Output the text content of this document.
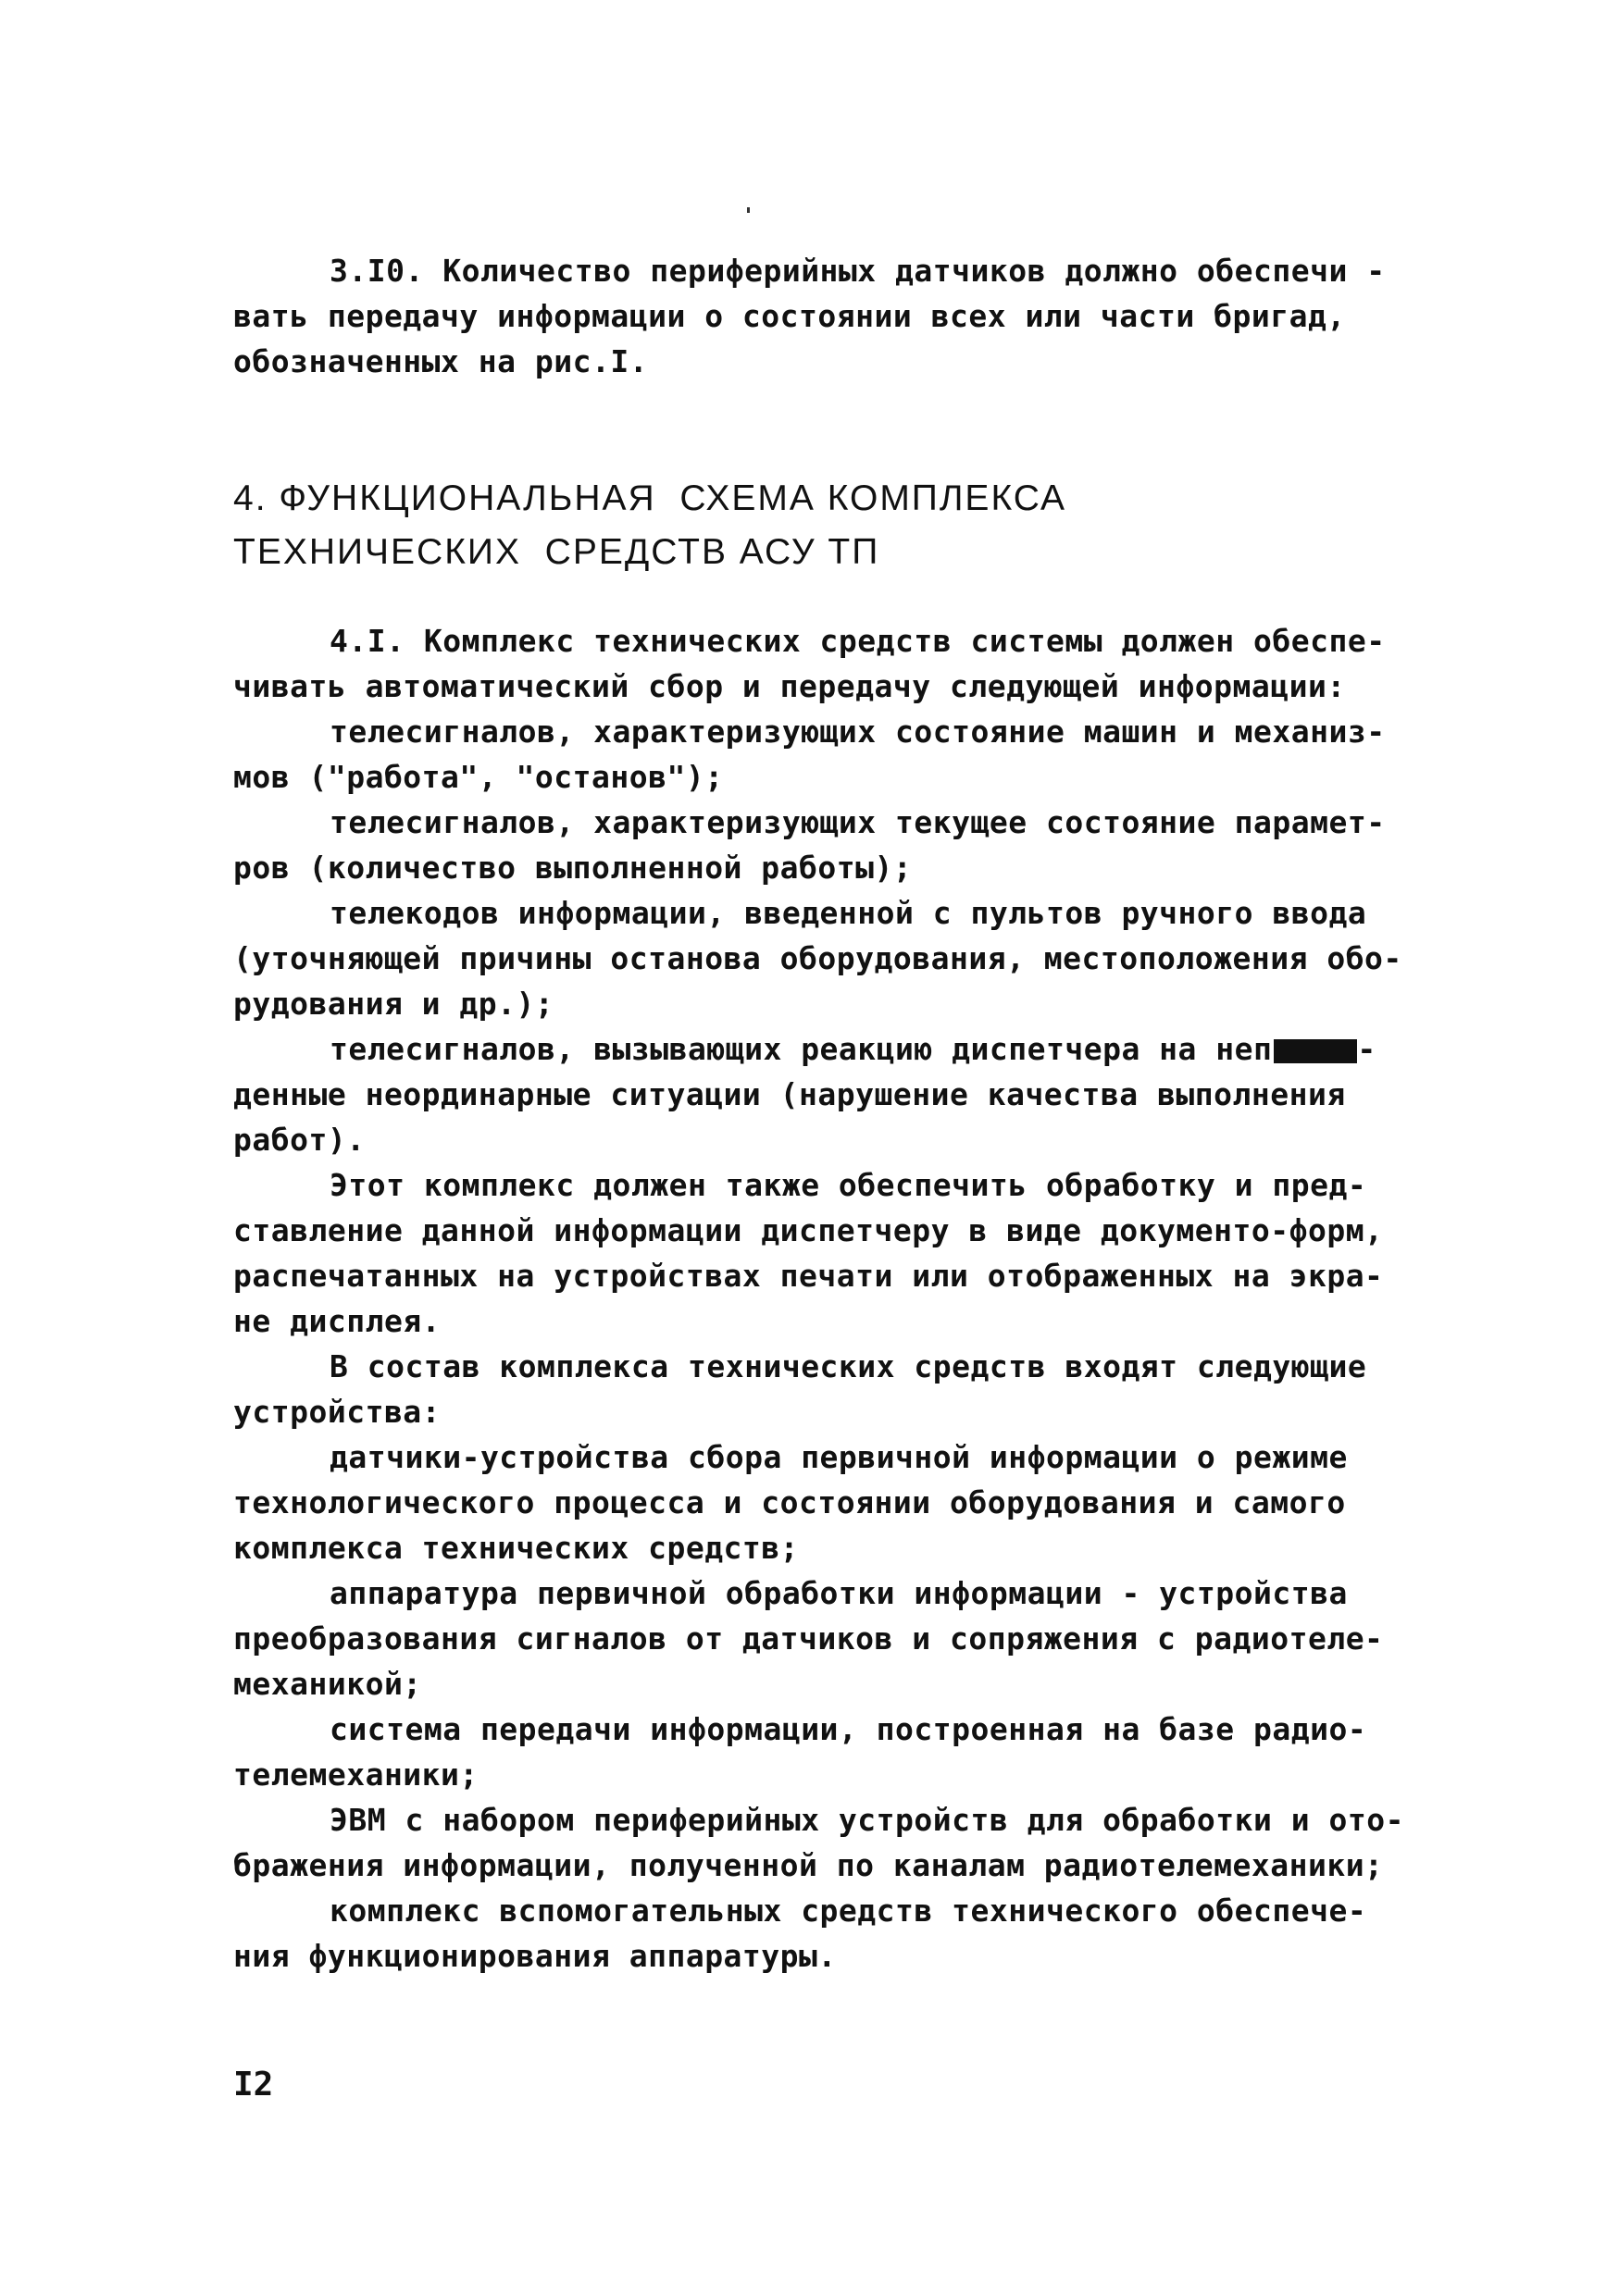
3.I0. Количество периферийных датчиков должно обеспечи -
вать передачу информации о состоянии всех или части бригад,
обозначенных на рис.I.
4. ФУНКЦИОНАЛЬНАЯ  СХЕМА КОМПЛЕКСА
ТЕХНИЧЕСКИХ  СРЕДСТВ АСУ ТП
4.I. Комплекс технических средств системы должен обеспе-
чивать автоматический сбор и передачу следующей информации:
телесигналов, характеризующих состояние машин и механиз-
мов ("работа", "останов");
телесигналов, характеризующих текущее состояние парамет-
ров (количество выполненной работы);
телекодов информации, введенной с пультов ручного ввода
(уточняющей причины останова оборудования, местоположения обо-
рудования и др.);
телесигналов, вызывающих реакцию диспетчера на неп	-
денные неординарные ситуации (нарушение качества выполнения
работ).
Этот комплекс должен также обеспечить обработку и пред-
ставление данной информации диспетчеру в виде документо-форм,
распечатанных на устройствах печати или отображенных на экра-
не дисплея.
В состав комплекса технических средств входят следующие
устройства:
датчики-устройства сбора первичной информации о режиме
технологического процесса и состоянии оборудования и самого
комплекса технических средств;
аппаратура первичной обработки информации - устройства
преобразования сигналов от датчиков и сопряжения с радиотеле-
механикой;
система передачи информации, построенная на базе радио-
телемеханики;
ЭВМ с набором периферийных устройств для обработки и ото-
бражения информации, полученной по каналам радиотелемеханики;
комплекс вспомогательных средств технического обеспече-
ния функционирования аппаратуры.
I2
